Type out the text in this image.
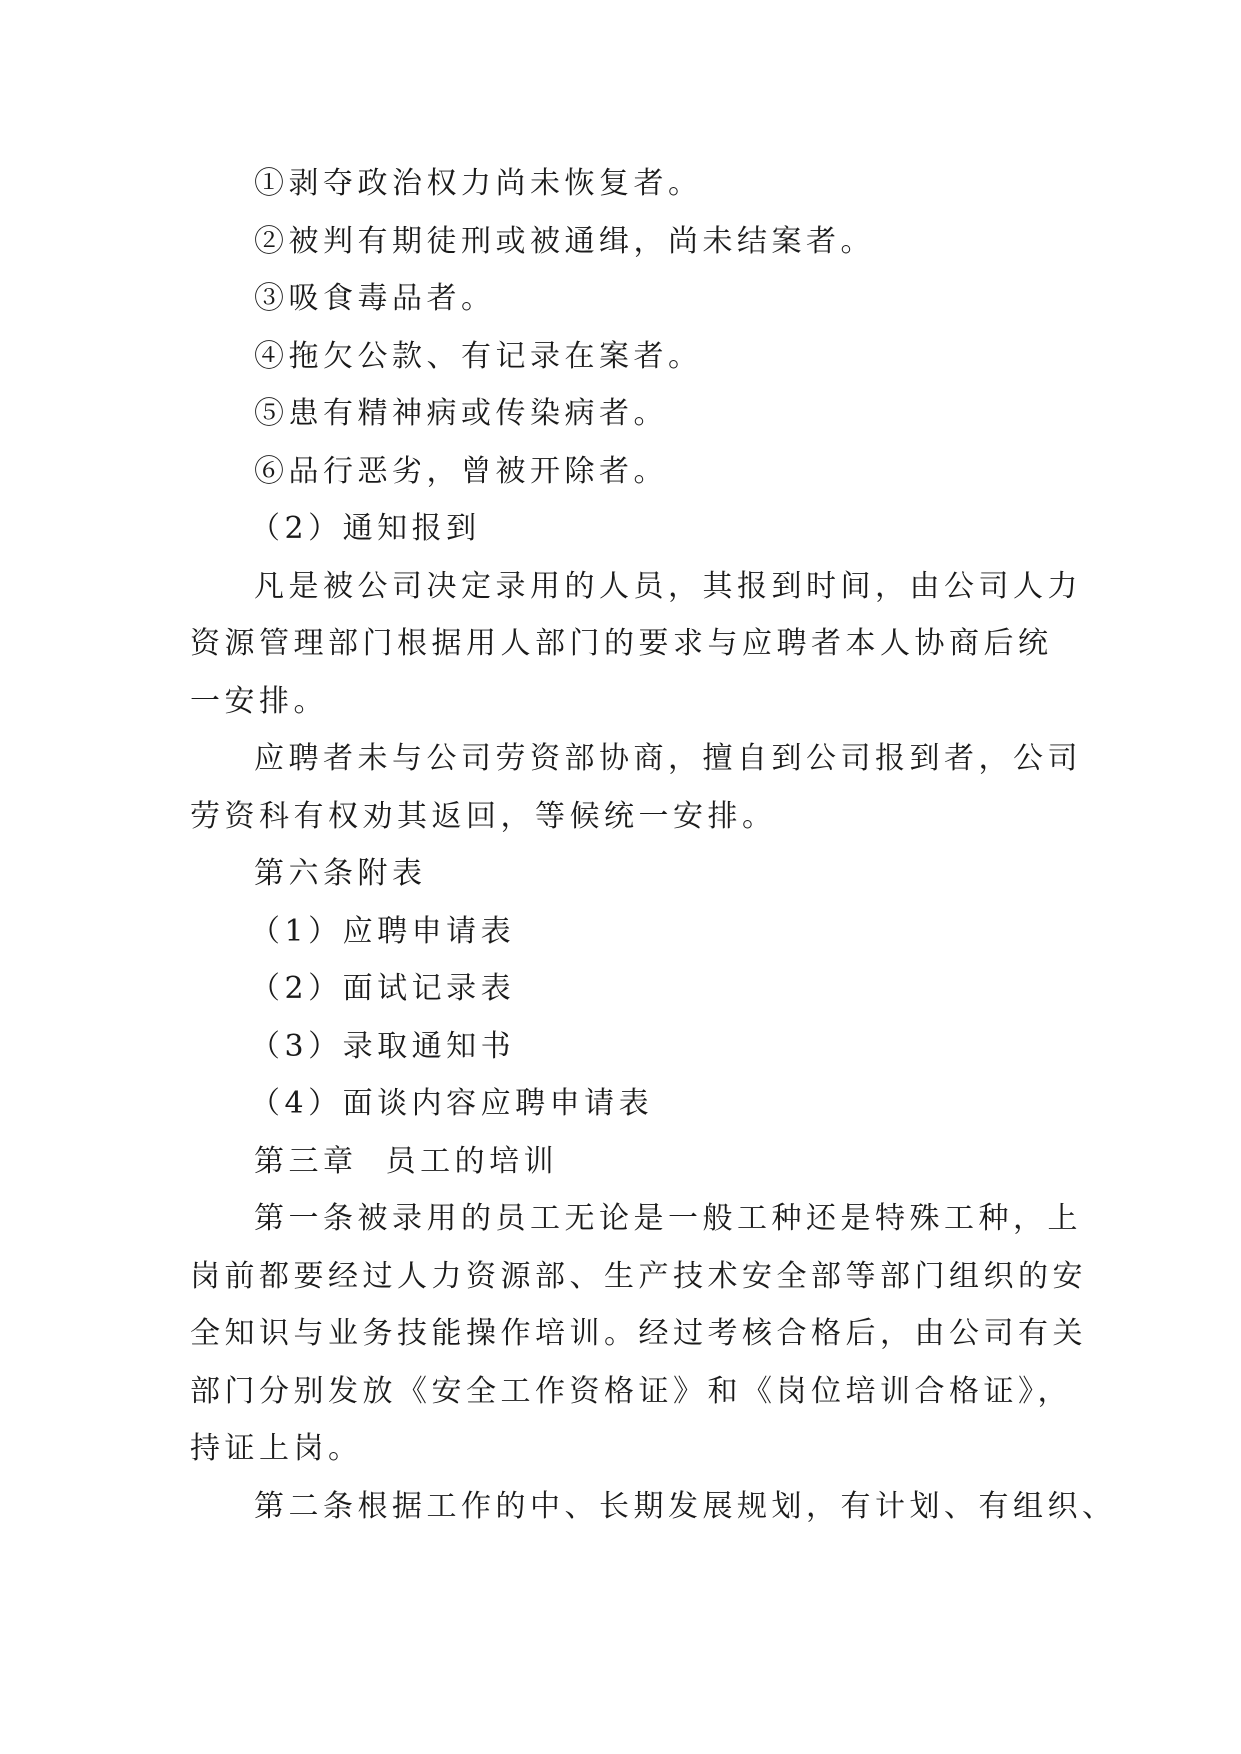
①剥夺政治权力尚未恢复者。

②被判有期徒刑或被通缉，尚未结案者。

③吸食毒品者。

④拖欠公款、有记录在案者。

⑤患有精神病或传染病者。

⑥品行恶劣，曾被开除者。

（2）通知报到

凡是被公司决定录用的人员，其报到时间，由公司人力

资源管理部门根据用人部门的要求与应聘者本人协商后统

一安排。

应聘者未与公司劳资部协商，擅自到公司报到者，公司

劳资科有权劝其返回，等候统一安排。

第六条附表

（1）应聘申请表

（2）面试记录表

（3）录取通知书

（4）面谈内容应聘申请表

第三章  员工的培训

第一条被录用的员工无论是一般工种还是特殊工种，上

岗前都要经过人力资源部、生产技术安全部等部门组织的安

全知识与业务技能操作培训。经过考核合格后，由公司有关

部门分别发放《安全工作资格证》和《岗位培训合格证》，

持证上岗。

第二条根据工作的中、长期发展规划，有计划、有组织、
